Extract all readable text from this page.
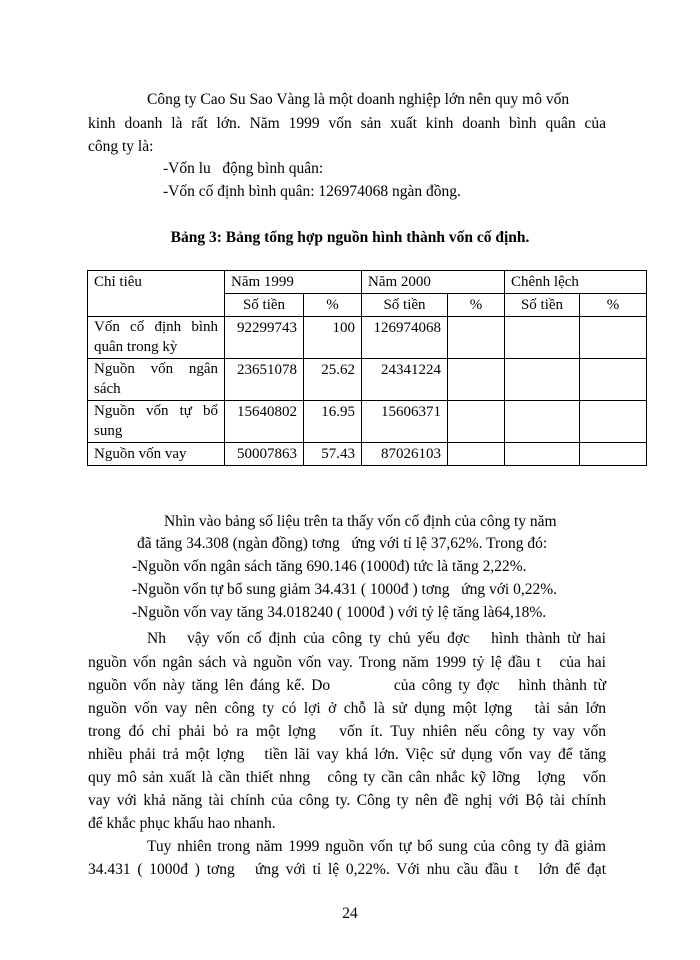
Công ty Cao Su Sao Vàng là một doanh nghiệp lớn nên quy mô vốn
kinh doanh là rất lớn. Năm 1999 vốn sản xuất kinh doanh bình quân của
công ty là:
-Vốn lu   động bình quân:
-Vốn cố định bình quân: 126974068 ngàn đồng.
Bảng 3: Bảng tổng hợp nguồn hình thành vốn cố định.
Chỉ tiêu	Năm 1999		Năm 2000		Chênh lệch	
	Số tiền	%	Số tiền	%	Số tiền	%

Vốn cố định bình
quân trong kỳ	92299743	100	126974068			

Nguồn vốn ngân
sách	23651078	25.62	24341224			

Nguồn vốn tự bổ
sung	15640802	16.95	15606371			

Nguồn vốn vay	50007863	57.43	87026103			
Nhìn vào bảng số liệu trên ta thấy vốn cố định của công ty năm
đã tăng 34.308 (ngàn đồng) tơng   ứng với tỉ lệ 37,62%. Trong đó:
-Nguồn vốn ngân sách tăng 690.146 (1000đ) tức là tăng 2,22%.
-Nguồn vốn tự bổ sung giảm 34.431 ( 1000đ ) tơng   ứng với 0,22%.
-Nguồn vốn vay tăng 34.018240 ( 1000đ ) với tỷ lệ tăng là64,18%.
Nh   vậy vốn cố định của công ty chủ yếu đợc   hình thành từ hai
nguồn vốn ngân sách và nguồn vốn vay. Trong năm 1999 tỷ lệ đầu t   của hai
nguồn vốn này tăng lên đáng kể. Do          của công ty đợc   hình thành từ
nguồn vốn vay nên công ty có lợi ở chỗ là sử dụng một lợng   tài sản lớn
trong đó chỉ phải bỏ ra một lợng   vốn ít. Tuy nhiên nếu công ty vay vốn
nhiều phải trả một lợng   tiền lãi vay khá lớn. Việc sử dụng vốn vay để tăng
quy mô sản xuất là cần thiết nhng   công ty cần cân nhắc kỹ lỡng   lợng   vốn
vay với khả năng tài chính của công ty. Công ty nên đề nghị với Bộ tài chính
để khắc phục khấu hao nhanh.
Tuy nhiên trong năm 1999 nguồn vốn tự bổ sung của công ty đã giảm
34.431 ( 1000đ ) tơng   ứng với tỉ lệ 0,22%. Với nhu cầu đầu t   lớn để đạt
24
